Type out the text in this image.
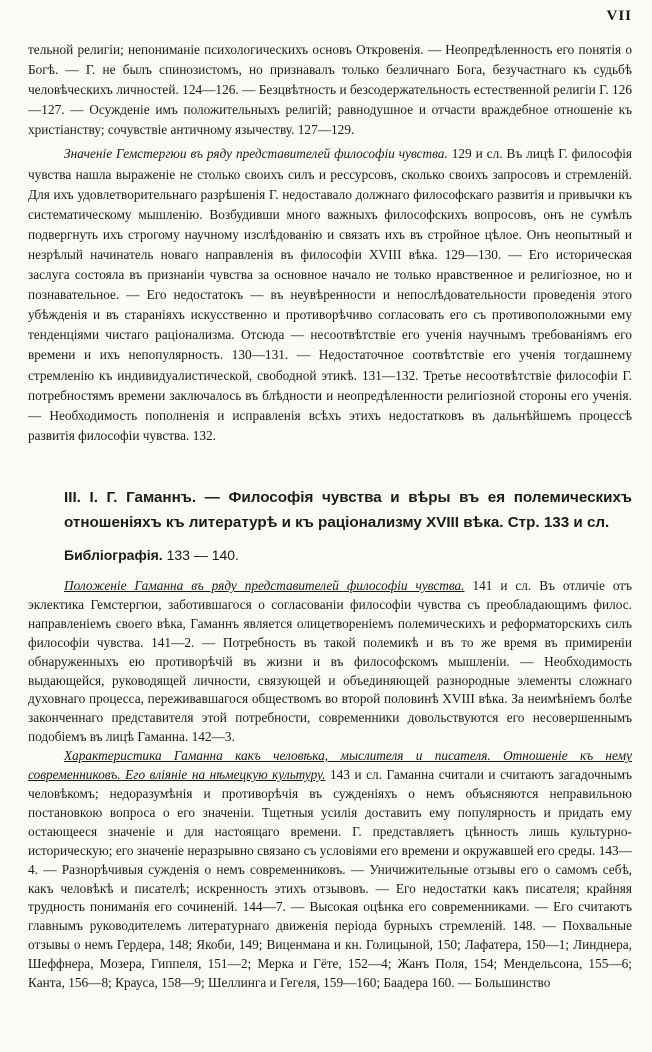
VII

тельной религіи; непониманіе психологическихъ основъ Откровенія. — Неопредѣленность его понятія о Богѣ. — Г. не былъ спинозистомъ, но признавалъ только безличнаго Бога, безучастнаго къ судьбѣ человѣческихъ личностей. 124—126. — Безцвѣтность и безсодержательность естественной религіи Г. 126—127. — Осужденіе имъ положительныхъ религій; равнодушное и отчасти враждебное отношеніе къ христіанству; сочувствіе античному язычеству. 127—129.

Значеніе Гемстергюи въ ряду представителей философіи чувства. 129 и сл. Въ лицѣ Г. философія чувства нашла выраженіе не столько своихъ силъ и рессурсовъ, сколько своихъ запросовъ и стремленій. Для ихъ удовлетворительнаго разрѣшенія Г. недоставало должнаго философскаго развитія и привычки къ систематическому мышленію. Возбудивши много важныхъ философскихъ вопросовъ, онъ не сумѣлъ подвергнуть ихъ строгому научному изслѣдованію и связать ихъ въ стройное цѣлое. Онъ неопытный и незрѣлый начинатель новаго направленія въ философіи XVIII вѣка. 129—130. — Его историческая заслуга состояла въ признаніи чувства за основное начало не только нравственное и религіозное, но и познавательное. — Его недостатокъ — въ неувѣренности и непослѣдовательности проведенія этого убѣжденія и въ стараніяхъ искусственно и противорѣчиво согласовать его съ противоположными ему тенденціями чистаго раціонализма. Отсюда — несоотвѣтствіе его ученія научнымъ требованіямъ его времени и ихъ непопулярность. 130—131. — Недостаточное соотвѣтствіе его ученія тогдашнему стремленію къ индивидуалистической, свободной этикѣ. 131—132. Третье несоотвѣтствіе философіи Г. потребностямъ времени заключалось въ блѣдности и неопредѣленности религіозной стороны его ученія. — Необходимость пополненія и исправленія всѣхъ этихъ недостатковъ въ дальнѣйшемъ процессѣ развитія философіи чувства. 132.

III. І. Г. Гаманнъ. — Философія чувства и вѣры въ ея полемическихъ отношеніяхъ къ литературѣ и къ раціонализму XVIII вѣка. Стр. 133 и сл.
Библіографія. 133 — 140.

Положеніе Гаманна въ ряду представителей философіи чувства. 141 и сл. Въ отличіе отъ эклектика Гемстергюи, заботившагося о согласованіи философіи чувства съ преобладающимъ филос. направленіемъ своего вѣка, Гаманнъ является олицетвореніемъ полемическихъ и реформаторскихъ силъ философіи чувства. 141—2. — Потребность въ такой полемикѣ и въ то же время въ примиреніи обнаруженныхъ ею противорѣчій въ жизни и въ философскомъ мышленіи. — Необходимость выдающейся, руководящей личности, связующей и объединяющей разнородные элементы сложнаго духовнаго процесса, переживавшагося обществомъ во второй половинѣ XVIII вѣка. За неимѣніемъ болѣе законченнаго представителя этой потребности, современники довольствуются его несовершеннымъ подобіемъ въ лицѣ Гаманна. 142—3.

Характеристика Гаманна какъ человѣка, мыслителя и писателя. Отношеніе къ нему современниковъ. Его вліяніе на нѣмецкую культуру. 143 и сл. Гаманна считали и считаютъ загадочнымъ человѣкомъ; недоразумѣнія и противорѣчія въ сужденіяхъ о немъ объясняются неправильною постановкою вопроса о его значеніи. Тщетныя усилія доставить ему популярность и придать ему остающееся значеніе и для настоящаго времени. Г. представляетъ цѣнность лишь культурно-историческую; его значеніе неразрывно связано съ условіями его времени и окружавшей его среды. 143—4. — Разнорѣчивыя сужденія о немъ современниковъ. — Уничижительные отзывы его о самомъ себѣ, какъ человѣкѣ и писателѣ; искренность этихъ отзывовъ. — Его недостатки какъ писателя; крайняя трудность пониманія его сочиненій. 144—7. — Высокая оцѣнка его современниками. — Его считаютъ главнымъ руководителемъ литературнаго движенія періода бурныхъ стремленій. 148. — Похвальные отзывы о немъ Гердера, 148; Якоби, 149; Виценмана и кн. Голицыной, 150; Лафатера, 150—1; Линднера, Шеффнера, Мозера, Гиппеля, 151—2; Мерка и Гёте, 152—4; Жанъ Поля, 154; Мендельсона, 155—6; Канта, 156—8; Крауса, 158—9; Шеллинга и Гегеля, 159—160; Баадера 160. — Большинство
